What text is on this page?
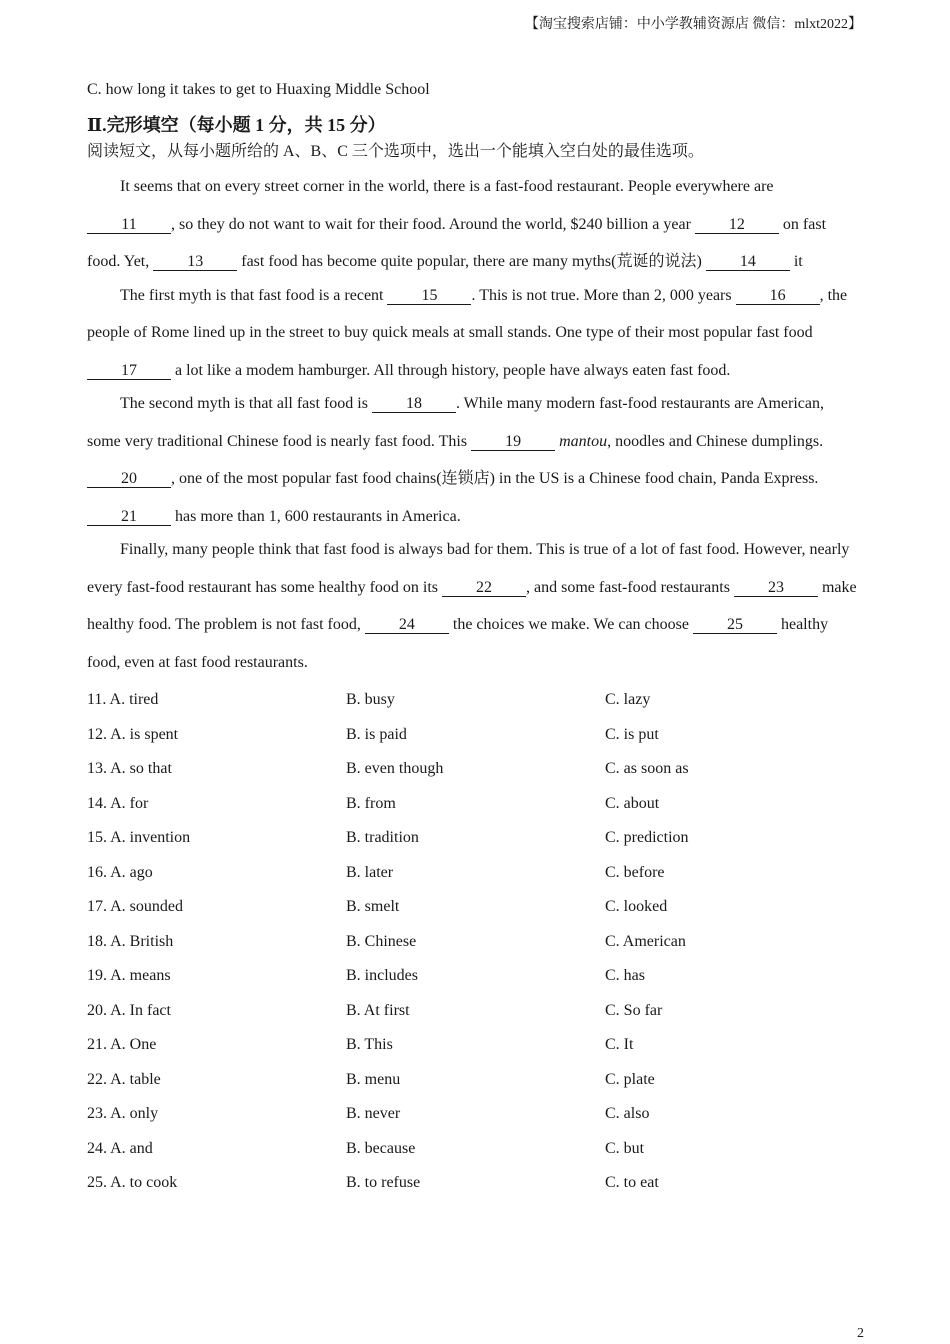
【淘宝搜索店铺：中小学教辅资源店 微信：mlxt2022】
C. how long it takes to get to Huaxing Middle School
Ⅱ.完形填空（每小题 1 分，共 15 分）
阅读短文，从每小题所给的 A、B、C 三个选项中，选出一个能填入空白处的最佳选项。
It seems that on every street corner in the world, there is a fast-food restaurant. People everywhere are 11 , so they do not want to wait for their food. Around the world, $240 billion a year 12 on fast food. Yet, 13 fast food has become quite popular, there are many myths(荒诞的说法) 14 it
The first myth is that fast food is a recent 15 . This is not true. More than 2, 000 years 16 , the people of Rome lined up in the street to buy quick meals at small stands. One type of their most popular fast food 17 a lot like a modem hamburger. All through history, people have always eaten fast food.
The second myth is that all fast food is 18 . While many modern fast-food restaurants are American, some very traditional Chinese food is nearly fast food. This 19 mantou, noodles and Chinese dumplings. 20 , one of the most popular fast food chains(连锁店) in the US is a Chinese food chain, Panda Express. 21 has more than 1, 600 restaurants in America.
Finally, many people think that fast food is always bad for them. This is true of a lot of fast food. However, nearly every fast-food restaurant has some healthy food on its 22 , and some fast-food restaurants 23 make healthy food. The problem is not fast food, 24 the choices we make. We can choose 25 healthy food, even at fast food restaurants.
11. A. tired	B. busy	C. lazy
12. A. is spent	B. is paid	C. is put
13. A. so that	B. even though	C. as soon as
14. A. for	B. from	C. about
15. A. invention	B. tradition	C. prediction
16. A. ago	B. later	C. before
17. A. sounded	B. smelt	C. looked
18. A. British	B. Chinese	C. American
19. A. means	B. includes	C. has
20. A. In fact	B. At first	C. So far
21. A. One	B. This	C. It
22. A. table	B. menu	C. plate
23. A. only	B. never	C. also
24. A. and	B. because	C. but
25. A. to cook	B. to refuse	C. to eat
2
